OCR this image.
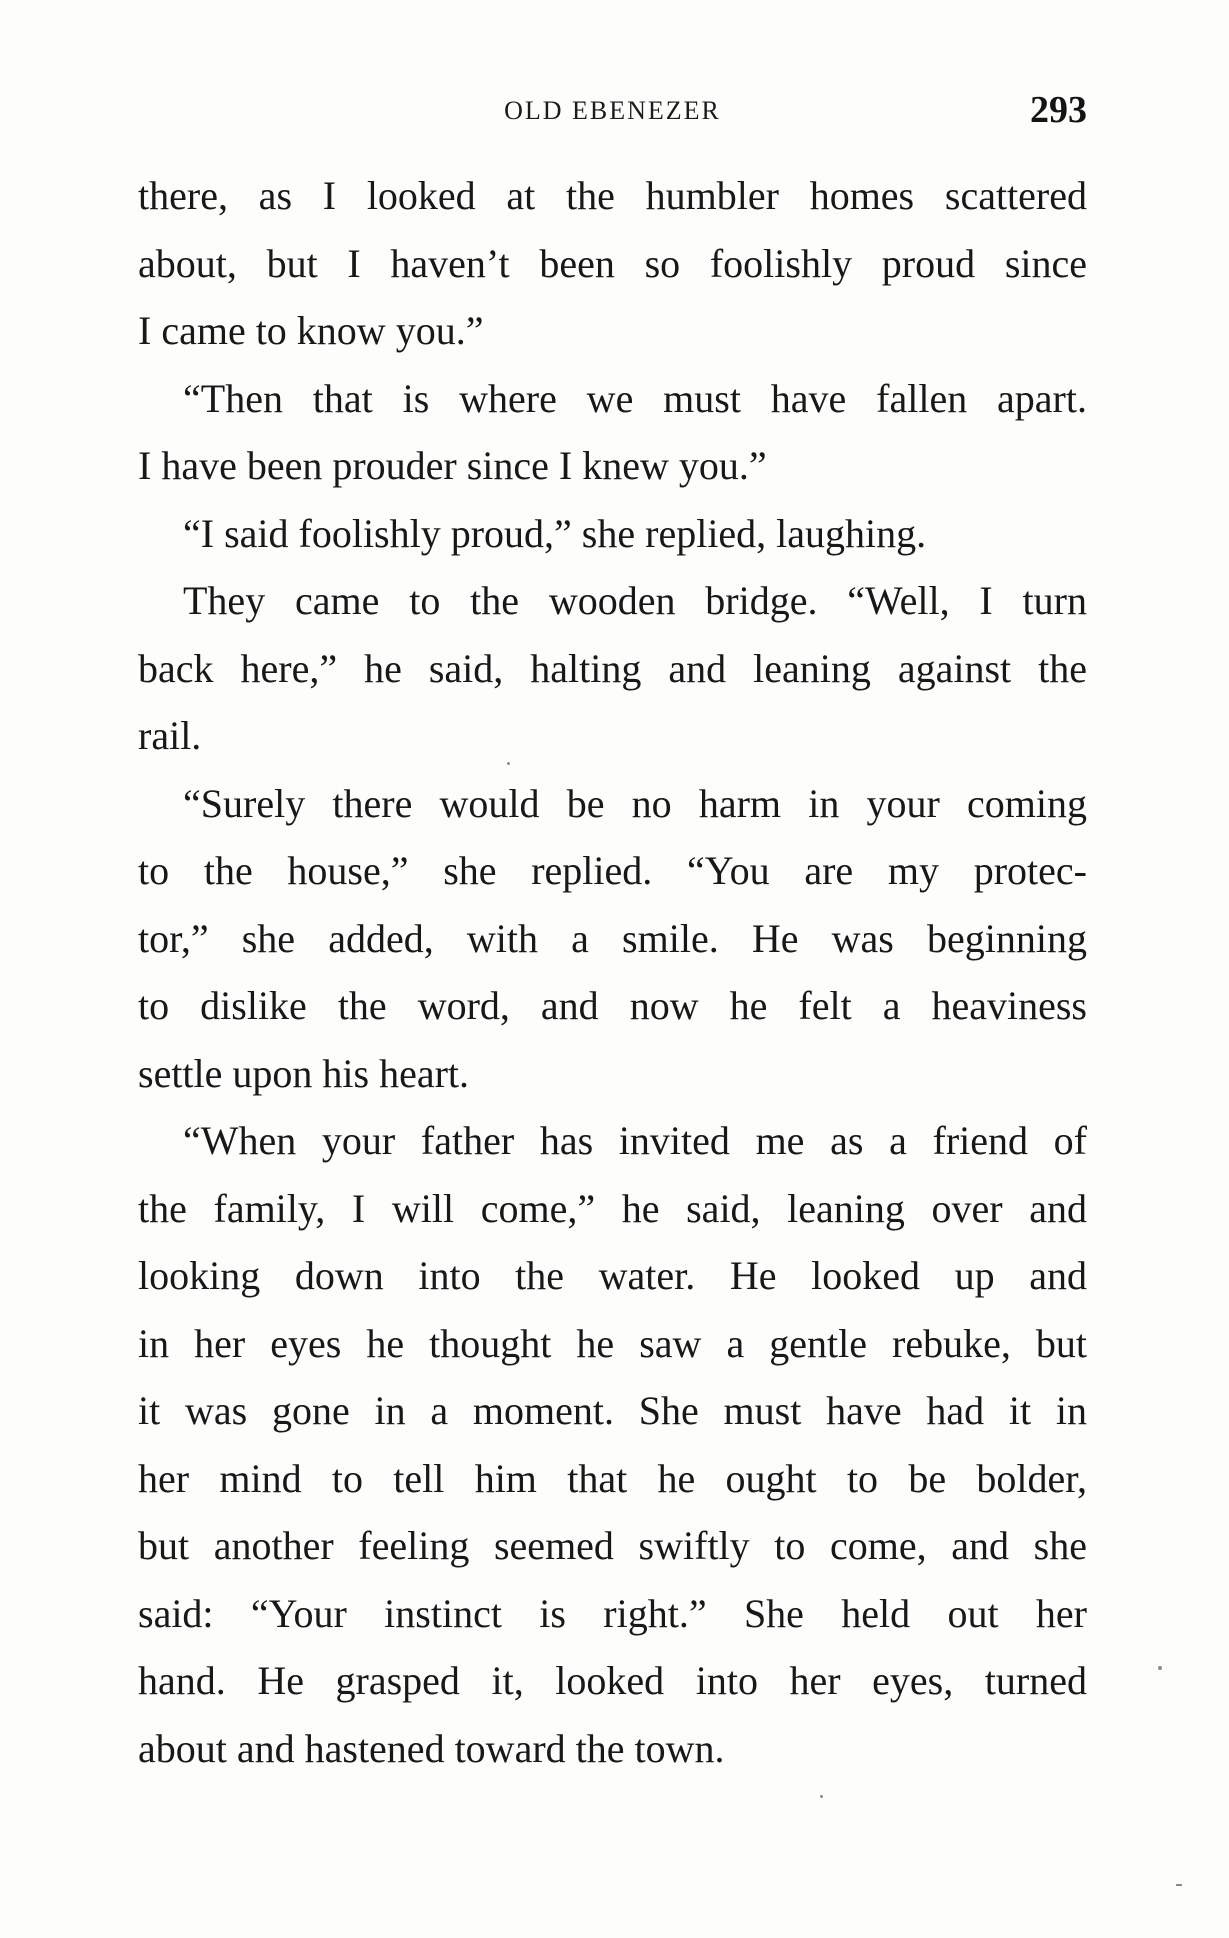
OLD EBENEZER	293
there, as I looked at the humbler homes scattered
about, but I haven’t been so foolishly proud since
I came to know you.”
“Then that is where we must have fallen apart.
I have been prouder since I knew you.”
“I said foolishly proud,” she replied, laughing.
They came to the wooden bridge. “Well, I turn
back here,” he said, halting and leaning against the
rail.
“Surely there would be no harm in your coming
to the house,” she replied. “You are my protec-
tor,” she added, with a smile. He was beginning
to dislike the word, and now he felt a heaviness
settle upon his heart.
“When your father has invited me as a friend of
the family, I will come,” he said, leaning over and
looking down into the water. He looked up and
in her eyes he thought he saw a gentle rebuke, but
it was gone in a moment. She must have had it in
her mind to tell him that he ought to be bolder,
but another feeling seemed swiftly to come, and she
said: “Your instinct is right.” She held out her
hand. He grasped it, looked into her eyes, turned
about and hastened toward the town.
